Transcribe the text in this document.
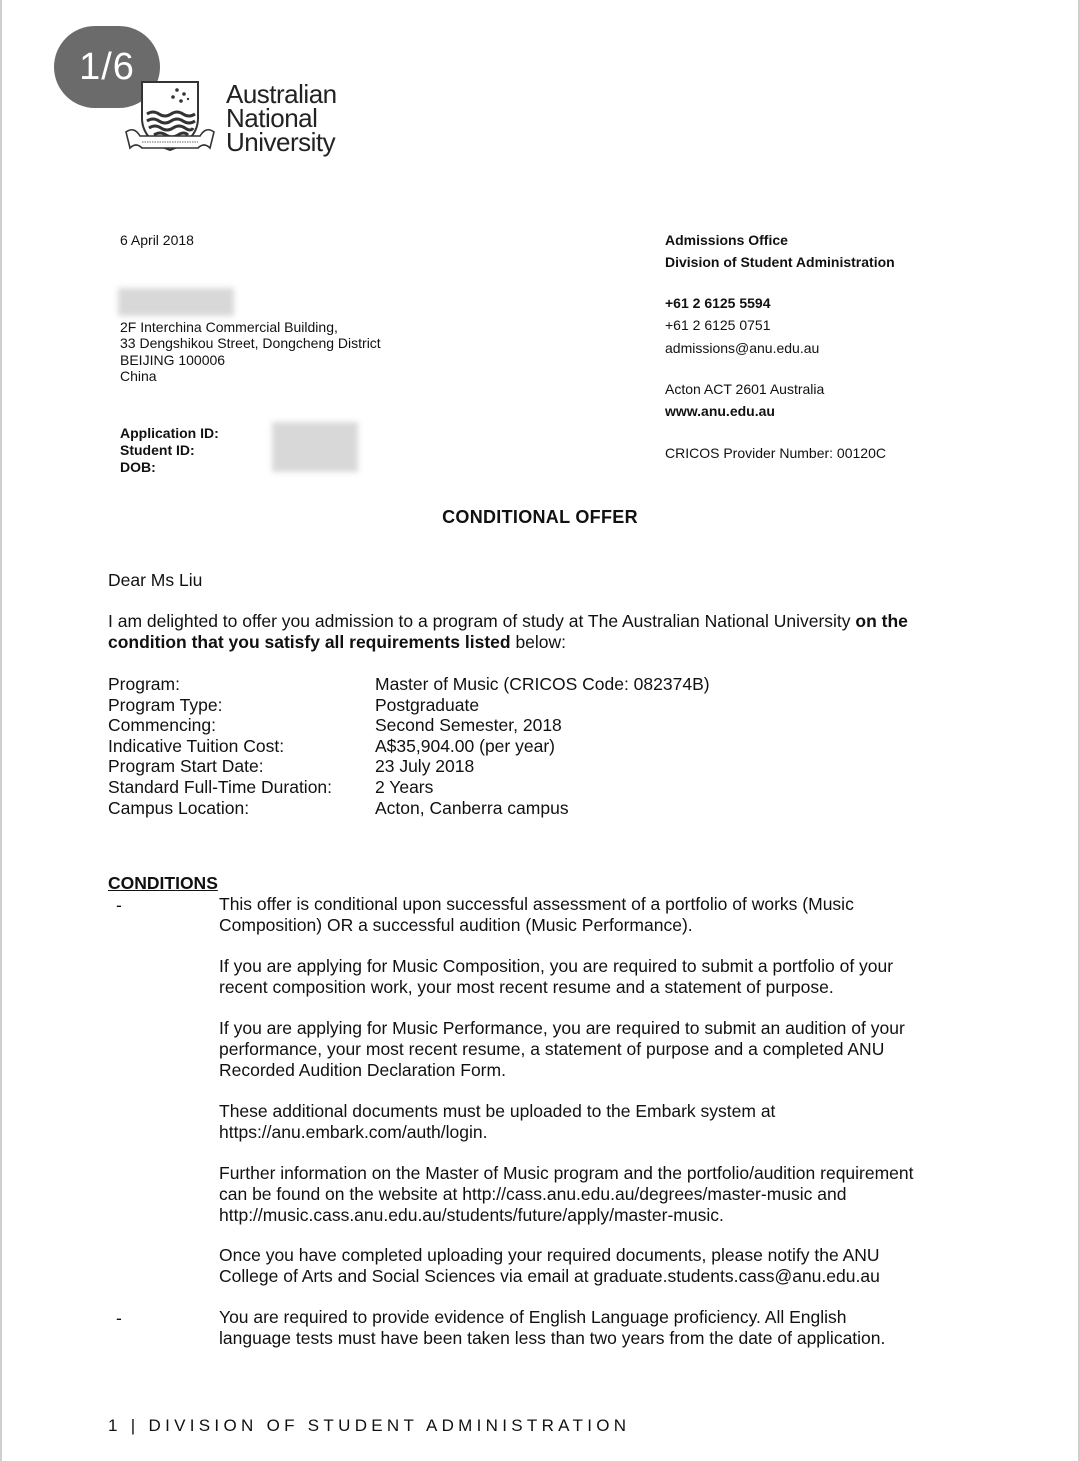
1/6
Australian
National
University
6 April 2018
2F Interchina Commercial Building,
33 Dengshikou Street, Dongcheng District
BEIJING 100006
China
Application ID:
Student ID:
DOB:
Admissions Office
Division of Student Administration
+61 2 6125 5594
+61 2 6125 0751
admissions@anu.edu.au
Acton ACT 2601 Australia
www.anu.edu.au
CRICOS Provider Number: 00120C
CONDITIONAL OFFER
Dear Ms Liu
I am delighted to offer you admission to a program of study at The Australian National University on the
condition that you satisfy all requirements listed below:
Program:	Master of Music (CRICOS Code: 082374B)
Program Type:	Postgraduate
Commencing:	Second Semester, 2018
Indicative Tuition Cost:	A$35,904.00 (per year)
Program Start Date:	23 July 2018
Standard Full-Time Duration:	2 Years
Campus Location:	Acton, Canberra campus
CONDITIONS
-	This offer is conditional upon successful assessment of a portfolio of works (Music
Composition) OR a successful audition (Music Performance).
If you are applying for Music Composition, you are required to submit a portfolio of your
recent composition work, your most recent resume and a statement of purpose.
If you are applying for Music Performance, you are required to submit an audition of your
performance, your most recent resume, a statement of purpose and a completed ANU
Recorded Audition Declaration Form.
These additional documents must be uploaded to the Embark system at
https://anu.embark.com/auth/login.
Further information on the Master of Music program and the portfolio/audition requirement
can be found on the website at http://cass.anu.edu.au/degrees/master-music and
http://music.cass.anu.edu.au/students/future/apply/master-music.
Once you have completed uploading your required documents, please notify the ANU
College of Arts and Social Sciences via email at graduate.students.cass@anu.edu.au
-	You are required to provide evidence of English Language proficiency. All English
language tests must have been taken less than two years from the date of application.
1 | DIVISION OF STUDENT ADMINISTRATION
